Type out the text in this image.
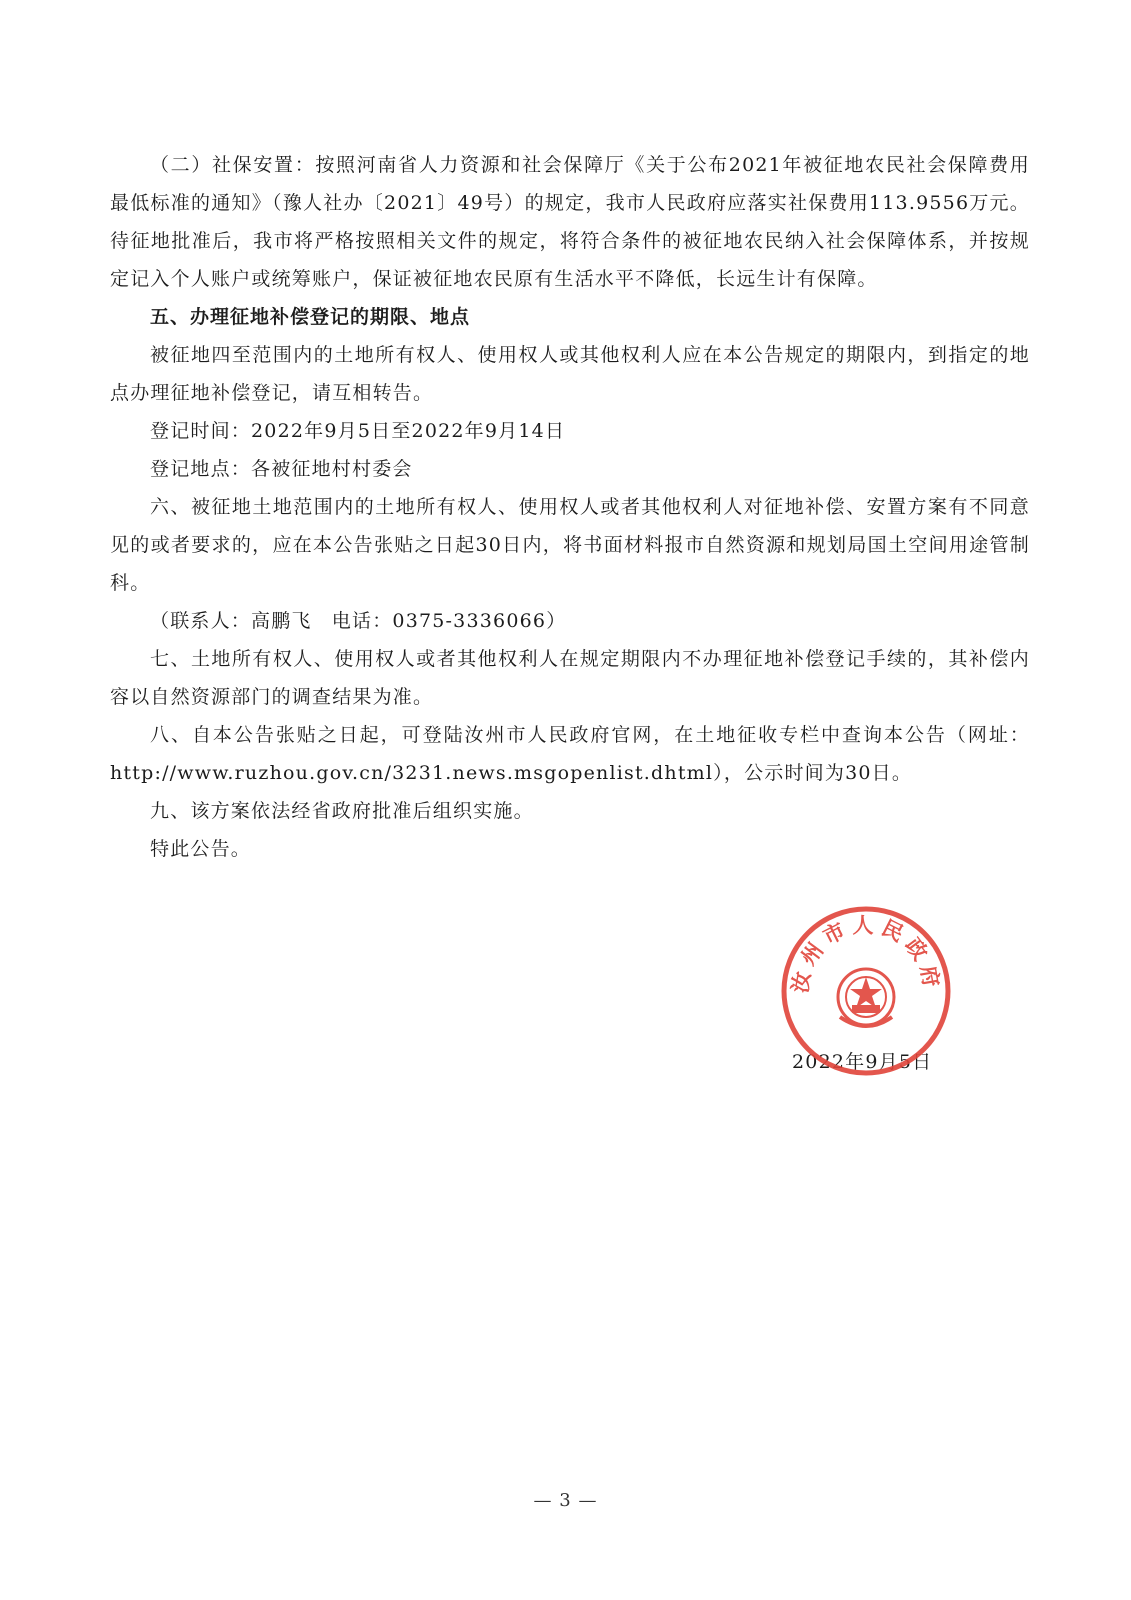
（二）社保安置：按照河南省人力资源和社会保障厅《关于公布2021年被征地农民社会保障费用最低标准的通知》（豫人社办〔2021〕49号）的规定，我市人民政府应落实社保费用113.9556万元。待征地批准后，我市将严格按照相关文件的规定，将符合条件的被征地农民纳入社会保障体系，并按规定记入个人账户或统筹账户，保证被征地农民原有生活水平不降低，长远生计有保障。

五、办理征地补偿登记的期限、地点

被征地四至范围内的土地所有权人、使用权人或其他权利人应在本公告规定的期限内，到指定的地点办理征地补偿登记，请互相转告。

登记时间：2022年9月5日至2022年9月14日

登记地点：各被征地村村委会

六、被征地土地范围内的土地所有权人、使用权人或者其他权利人对征地补偿、安置方案有不同意见的或者要求的，应在本公告张贴之日起30日内，将书面材料报市自然资源和规划局国土空间用途管制科。

（联系人：高鹏飞　电话：0375-3336066）

七、土地所有权人、使用权人或者其他权利人在规定期限内不办理征地补偿登记手续的，其补偿内容以自然资源部门的调查结果为准。

八、自本公告张贴之日起，可登陆汝州市人民政府官网，在土地征收专栏中查询本公告（网址：http://www.ruzhou.gov.cn/3231.news.msgopenlist.dhtml），公示时间为30日。

九、该方案依法经省政府批准后组织实施。

特此公告。

汝州市人民政府
2022年9月5日
— 3 —
